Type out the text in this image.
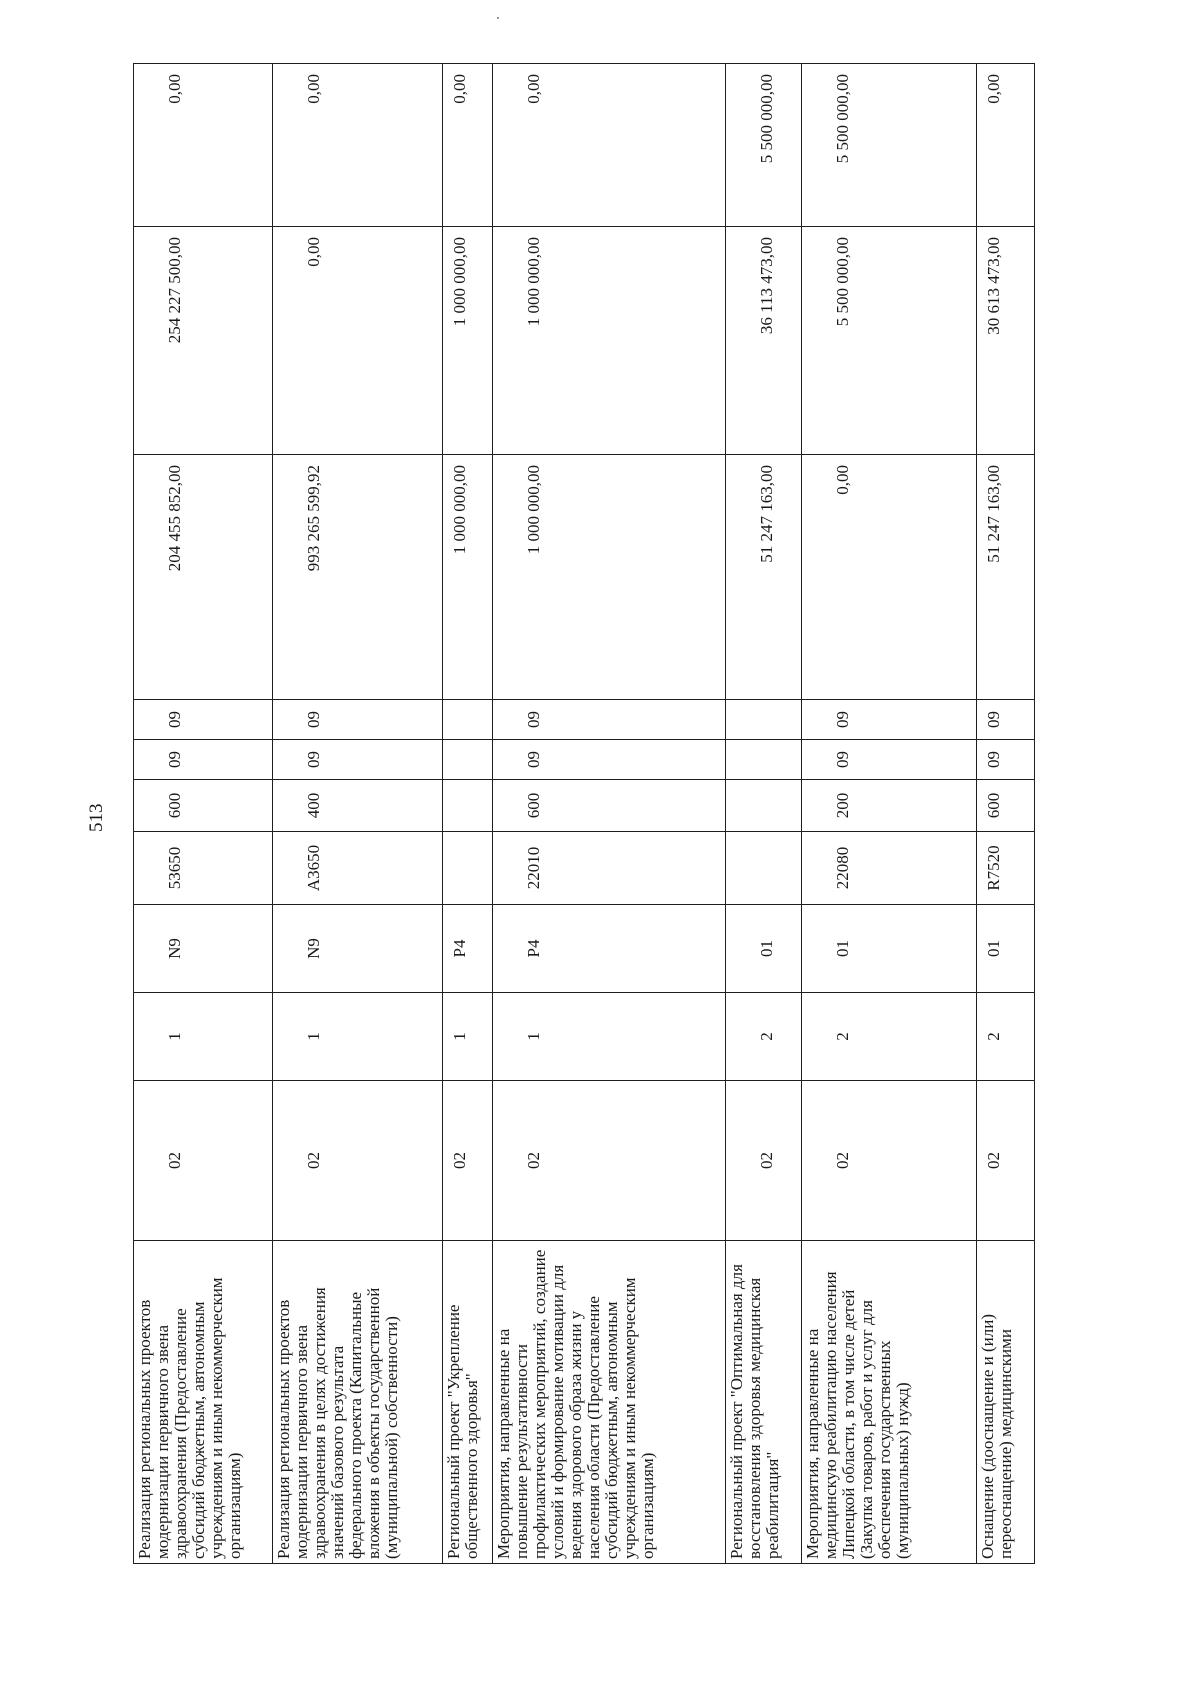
513
Реализация региональных проектов модернизации первичного звена здравоохранения (Предоставление субсидий бюджетным, автономным учреждениям и иным некоммерческим организациям)	02	1	N9	53650	600	09	09	204 455 852,00	254 227 500,00	0,00
Реализация региональных проектов модернизации первичного звена здравоохранения в целях достижения значений базового результата федерального проекта (Капитальные вложения в объекты государственной (муниципальной) собственности)	02	1	N9	A3650	400	09	09	993 265 599,92	0,00	0,00
Региональный проект "Укрепление общественного здоровья"	02	1	P4					1 000 000,00	1 000 000,00	0,00
Мероприятия, направленные на повышение результативности профилактических мероприятий, создание условий и формирование мотивации для ведения здорового образа жизни у населения области (Предоставление субсидий бюджетным, автономным учреждениям и иным некоммерческим организациям)	02	1	P4	22010	600	09	09	1 000 000,00	1 000 000,00	0,00
Региональный проект "Оптимальная для восстановления здоровья медицинская реабилитация"	02	2	01					51 247 163,00	36 113 473,00	5 500 000,00
Мероприятия, направленные на медицинскую реабилитацию населения Липецкой области, в том числе детей (Закупка товаров, работ и услуг для обеспечения государственных (муниципальных) нужд)	02	2	01	22080	200	09	09	0,00	5 500 000,00	5 500 000,00
Оснащение (дооснащение и (или) переоснащение) медицинскими	02	2	01	R7520	600	09	09	51 247 163,00	30 613 473,00	0,00
